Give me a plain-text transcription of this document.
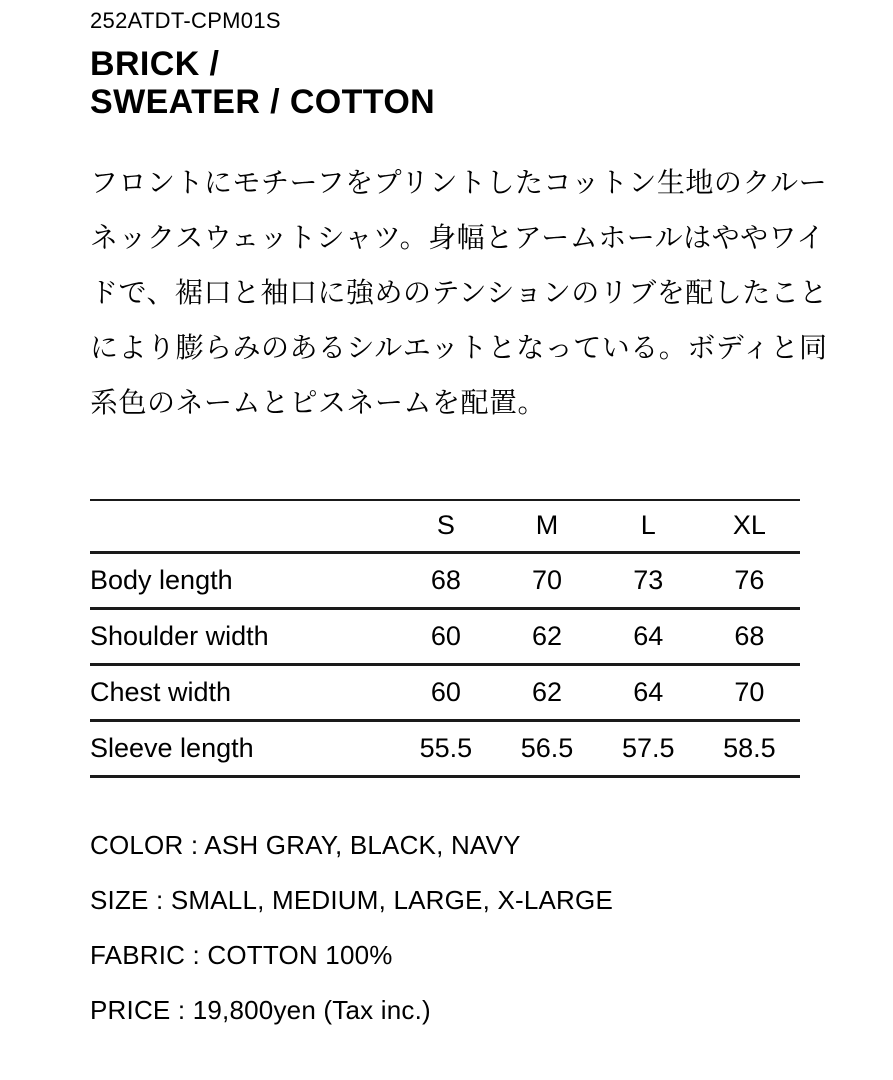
252ATDT-CPM01S
BRICK /
SWEATER / COTTON
フロントにモチーフをプリントしたコットン生地のクルー
ネックスウェットシャツ。身幅とアームホールはややワイ
ドで、裾口と袖口に強めのテンションのリブを配したこと
により膨らみのあるシルエットとなっている。ボディと同
系色のネームとピスネームを配置。
	S	M	L	XL
Body length	68	70	73	76
Shoulder width	60	62	64	68
Chest width	60	62	64	70
Sleeve length	55.5	56.5	57.5	58.5
COLOR : ASH GRAY, BLACK, NAVY
SIZE : SMALL, MEDIUM, LARGE, X-LARGE
FABRIC : COTTON 100%
PRICE : 19,800yen (Tax inc.)
